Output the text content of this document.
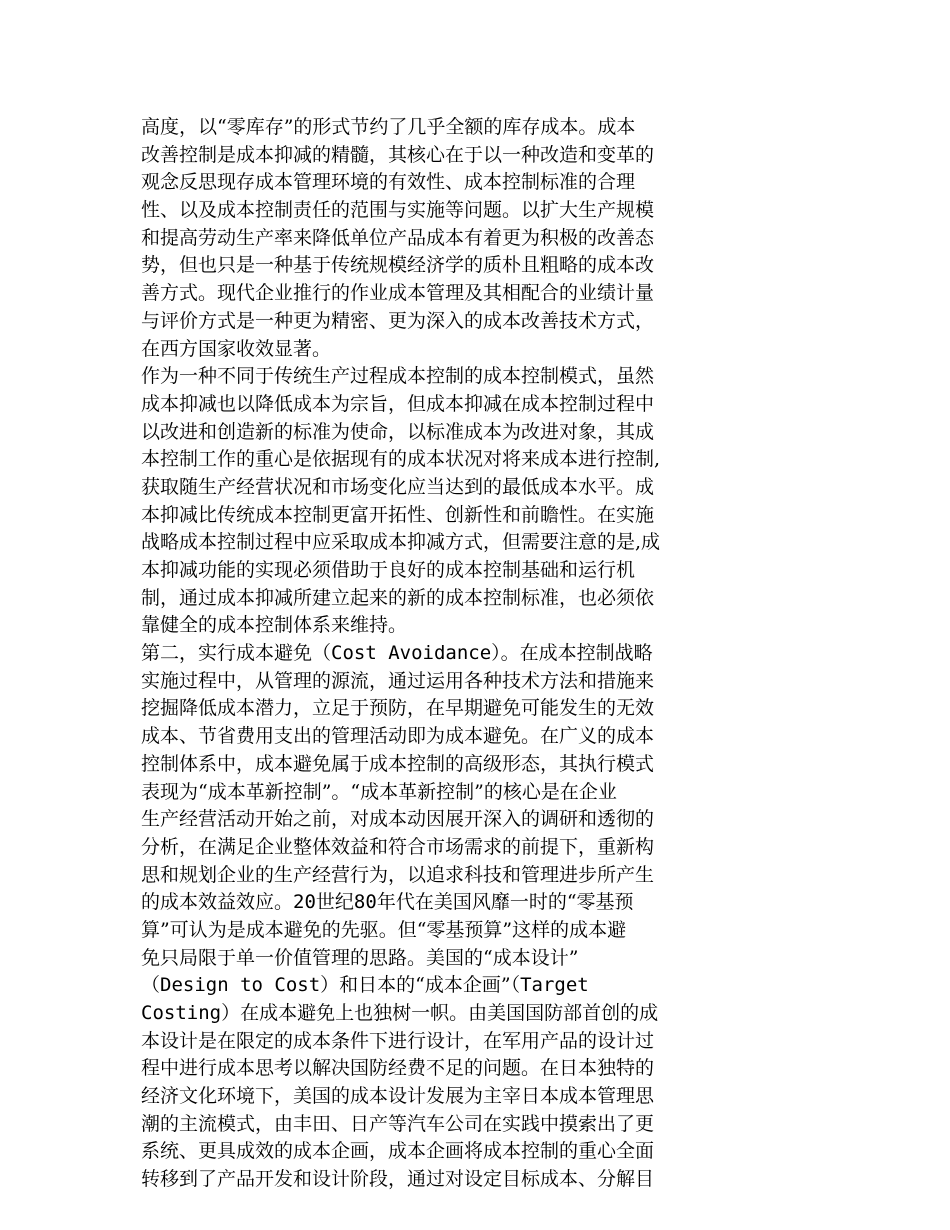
高度，以“零库存”的形式节约了几乎全额的库存成本。成本
改善控制是成本抑减的精髓，其核心在于以一种改造和变革的
观念反思现存成本管理环境的有效性、成本控制标准的合理
性、以及成本控制责任的范围与实施等问题。以扩大生产规模
和提高劳动生产率来降低单位产品成本有着更为积极的改善态
势，但也只是一种基于传统规模经济学的质朴且粗略的成本改
善方式。现代企业推行的作业成本管理及其相配合的业绩计量
与评价方式是一种更为精密、更为深入的成本改善技术方式，
在西方国家收效显著。
作为一种不同于传统生产过程成本控制的成本控制模式，虽然
成本抑减也以降低成本为宗旨，但成本抑减在成本控制过程中
以改进和创造新的标准为使命，以标准成本为改进对象，其成
本控制工作的重心是依据现有的成本状况对将来成本进行控制,
获取随生产经营状况和市场变化应当达到的最低成本水平。成
本抑减比传统成本控制更富开拓性、创新性和前瞻性。在实施
战略成本控制过程中应采取成本抑减方式，但需要注意的是,成
本抑减功能的实现必须借助于良好的成本控制基础和运行机
制，通过成本抑减所建立起来的新的成本控制标准，也必须依
靠健全的成本控制体系来维持。
第二，实行成本避免（Cost Avoidance）。在成本控制战略
实施过程中，从管理的源流，通过运用各种技术方法和措施来
挖掘降低成本潜力，立足于预防，在早期避免可能发生的无效
成本、节省费用支出的管理活动即为成本避免。在广义的成本
控制体系中，成本避免属于成本控制的高级形态，其执行模式
表现为“成本革新控制”。“成本革新控制”的核心是在企业
生产经营活动开始之前，对成本动因展开深入的调研和透彻的
分析，在满足企业整体效益和符合市场需求的前提下，重新构
思和规划企业的生产经营行为，以追求科技和管理进步所产生
的成本效益效应。20世纪80年代在美国风靡一时的“零基预
算”可认为是成本避免的先驱。但“零基预算”这样的成本避
免只局限于单一价值管理的思路。美国的“成本设计”
（Design to Cost）和日本的“成本企画”（Target
Costing）在成本避免上也独树一帜。由美国国防部首创的成
本设计是在限定的成本条件下进行设计，在军用产品的设计过
程中进行成本思考以解决国防经费不足的问题。在日本独特的
经济文化环境下，美国的成本设计发展为主宰日本成本管理思
潮的主流模式，由丰田、日产等汽车公司在实践中摸索出了更
系统、更具成效的成本企画，成本企画将成本控制的重心全面
转移到了产品开发和设计阶段，通过对设定目标成本、分解目
